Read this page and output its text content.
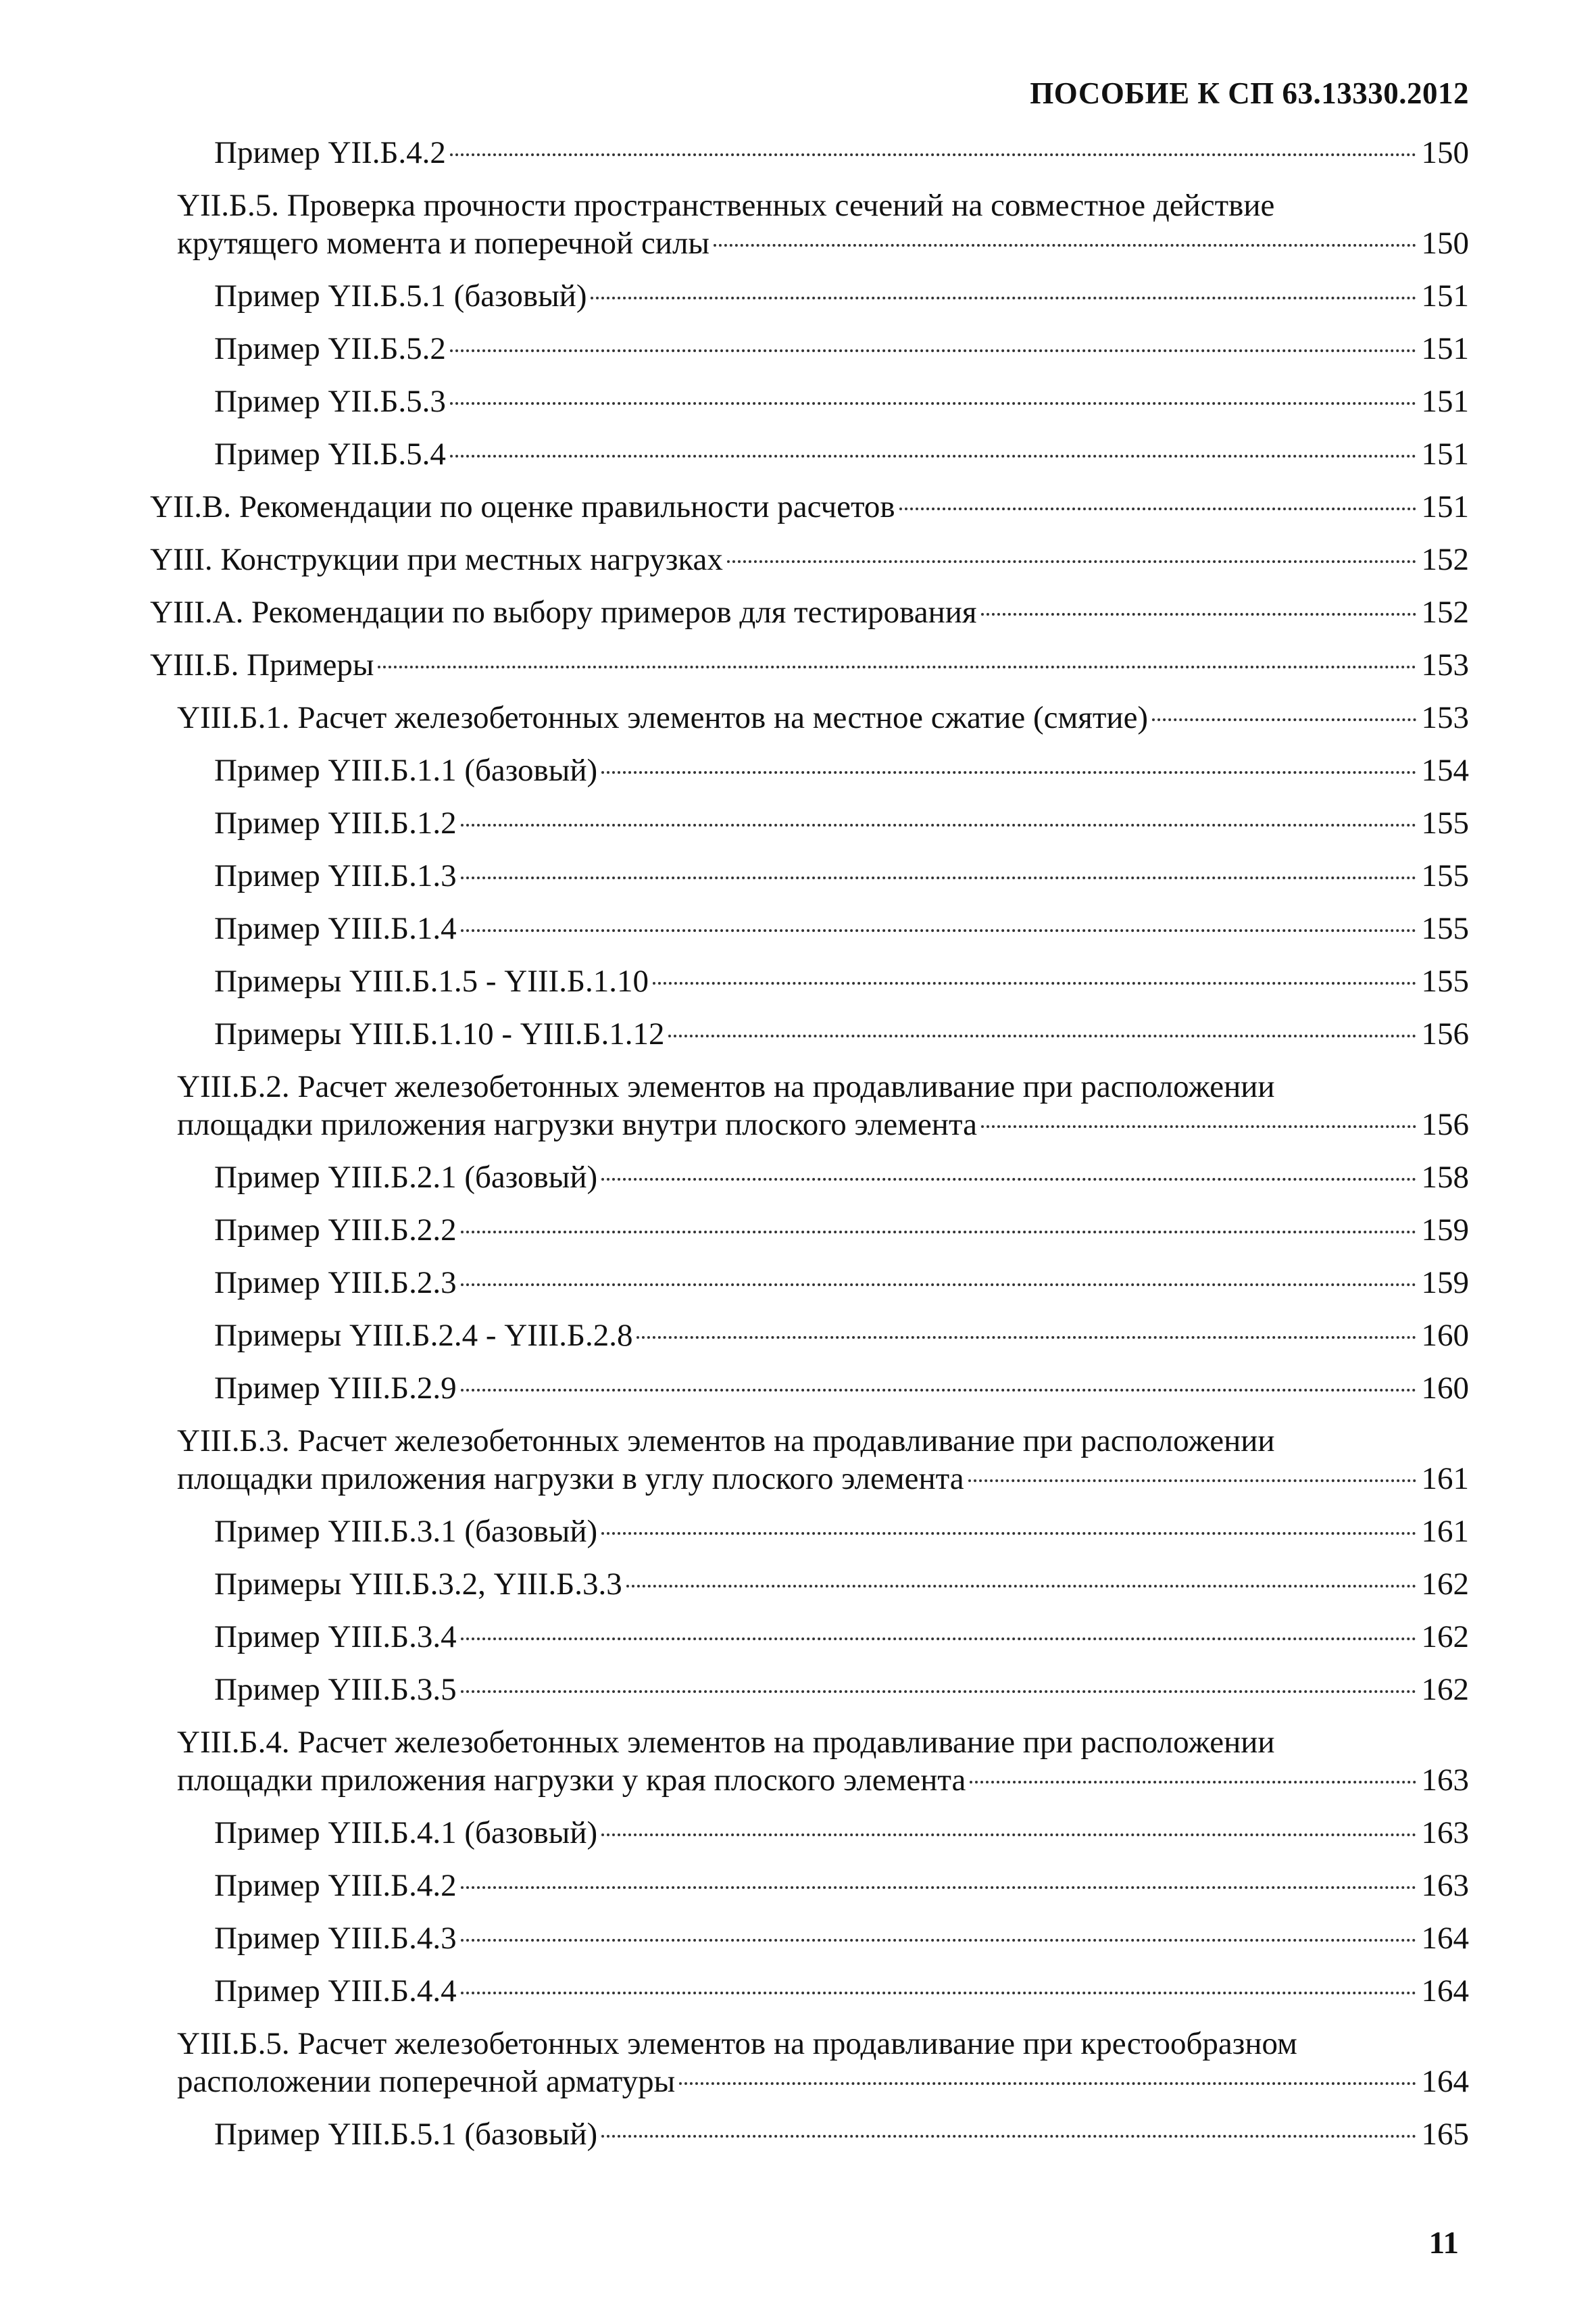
ПОСОБИЕ К СП 63.13330.2012
Пример YII.Б.4.2	150
YII.Б.5. Проверка прочности пространственных сечений на совместное действие
крутящего момента и поперечной силы	150
Пример YII.Б.5.1 (базовый)	151
Пример YII.Б.5.2	151
Пример YII.Б.5.3	151
Пример YII.Б.5.4	151
YII.B. Рекомендации по оценке правильности расчетов	151
YIII. Конструкции при местных нагрузках	152
YIII.A. Рекомендации по выбору примеров для тестирования	152
YIII.Б. Примеры	153
YIII.Б.1. Расчет железобетонных элементов на местное сжатие (смятие)	153
Пример YIII.Б.1.1 (базовый)	154
Пример YIII.Б.1.2	155
Пример YIII.Б.1.3	155
Пример YIII.Б.1.4	155
Примеры YIII.Б.1.5 - YIII.Б.1.10	155
Примеры YIII.Б.1.10 - YIII.Б.1.12	156
YIII.Б.2. Расчет железобетонных элементов на продавливание при расположении
площадки приложения нагрузки внутри плоского элемента	156
Пример YIII.Б.2.1 (базовый)	158
Пример YIII.Б.2.2	159
Пример YIII.Б.2.3	159
Примеры YIII.Б.2.4 - YIII.Б.2.8	160
Пример YIII.Б.2.9	160
YIII.Б.3. Расчет железобетонных элементов на продавливание при расположении
площадки приложения нагрузки в углу плоского элемента	161
Пример YIII.Б.3.1 (базовый)	161
Примеры YIII.Б.3.2, YIII.Б.3.3	162
Пример YIII.Б.3.4	162
Пример YIII.Б.3.5	162
YIII.Б.4. Расчет железобетонных элементов на продавливание при расположении
площадки приложения нагрузки у края плоского элемента	163
Пример YIII.Б.4.1 (базовый)	163
Пример YIII.Б.4.2	163
Пример YIII.Б.4.3	164
Пример YIII.Б.4.4	164
YIII.Б.5. Расчет железобетонных элементов на продавливание при крестообразном
расположении поперечной арматуры	164
Пример YIII.Б.5.1 (базовый)	165
11
